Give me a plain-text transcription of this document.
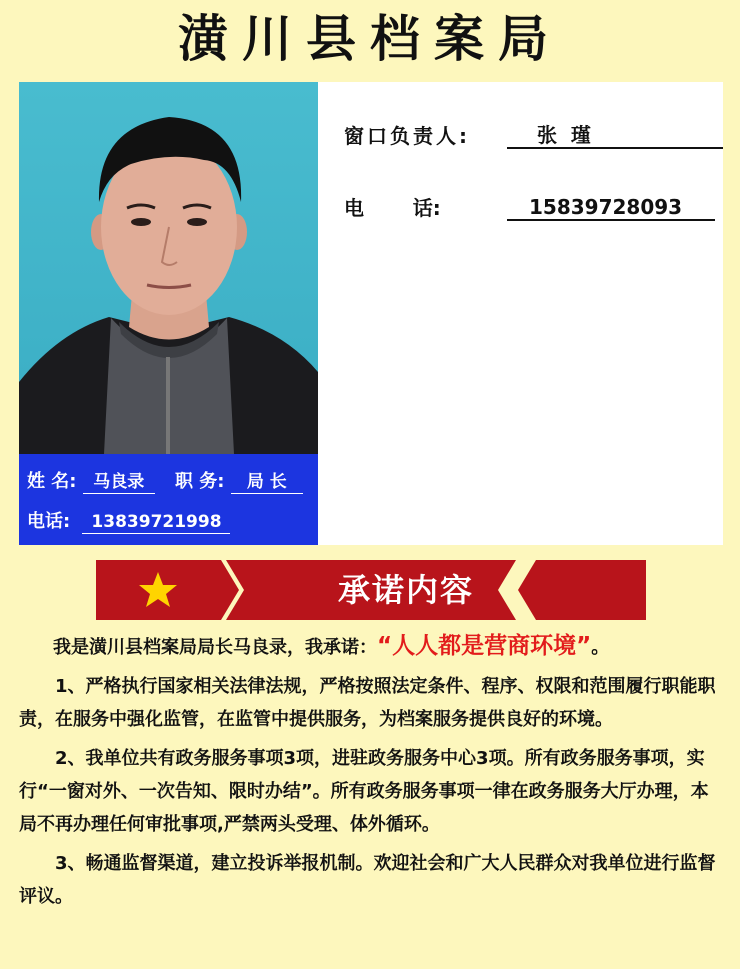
潢川县档案局
姓 名: 马良录 职 务: 局 长
电话: 13839721998
窗口负责人:	张  瑾
电       话:	15839728093
承诺内容

我是潢川县档案局局长马良录，我承诺：“人人都是营商环境”。

1、严格执行国家相关法律法规，严格按照法定条件、程序、权限和范围履行职能职责，在服务中强化监管，在监管中提供服务，为档案服务提供良好的环境。

2、我单位共有政务服务事项3项，进驻政务服务中心3项。所有政务服务事项，实行“一窗对外、一次告知、限时办结”。所有政务服务事项一律在政务服务大厅办理，本局不再办理任何审批事项,严禁两头受理、体外循环。

3、畅通监督渠道，建立投诉举报机制。欢迎社会和广大人民群众对我单位进行监督评议。
